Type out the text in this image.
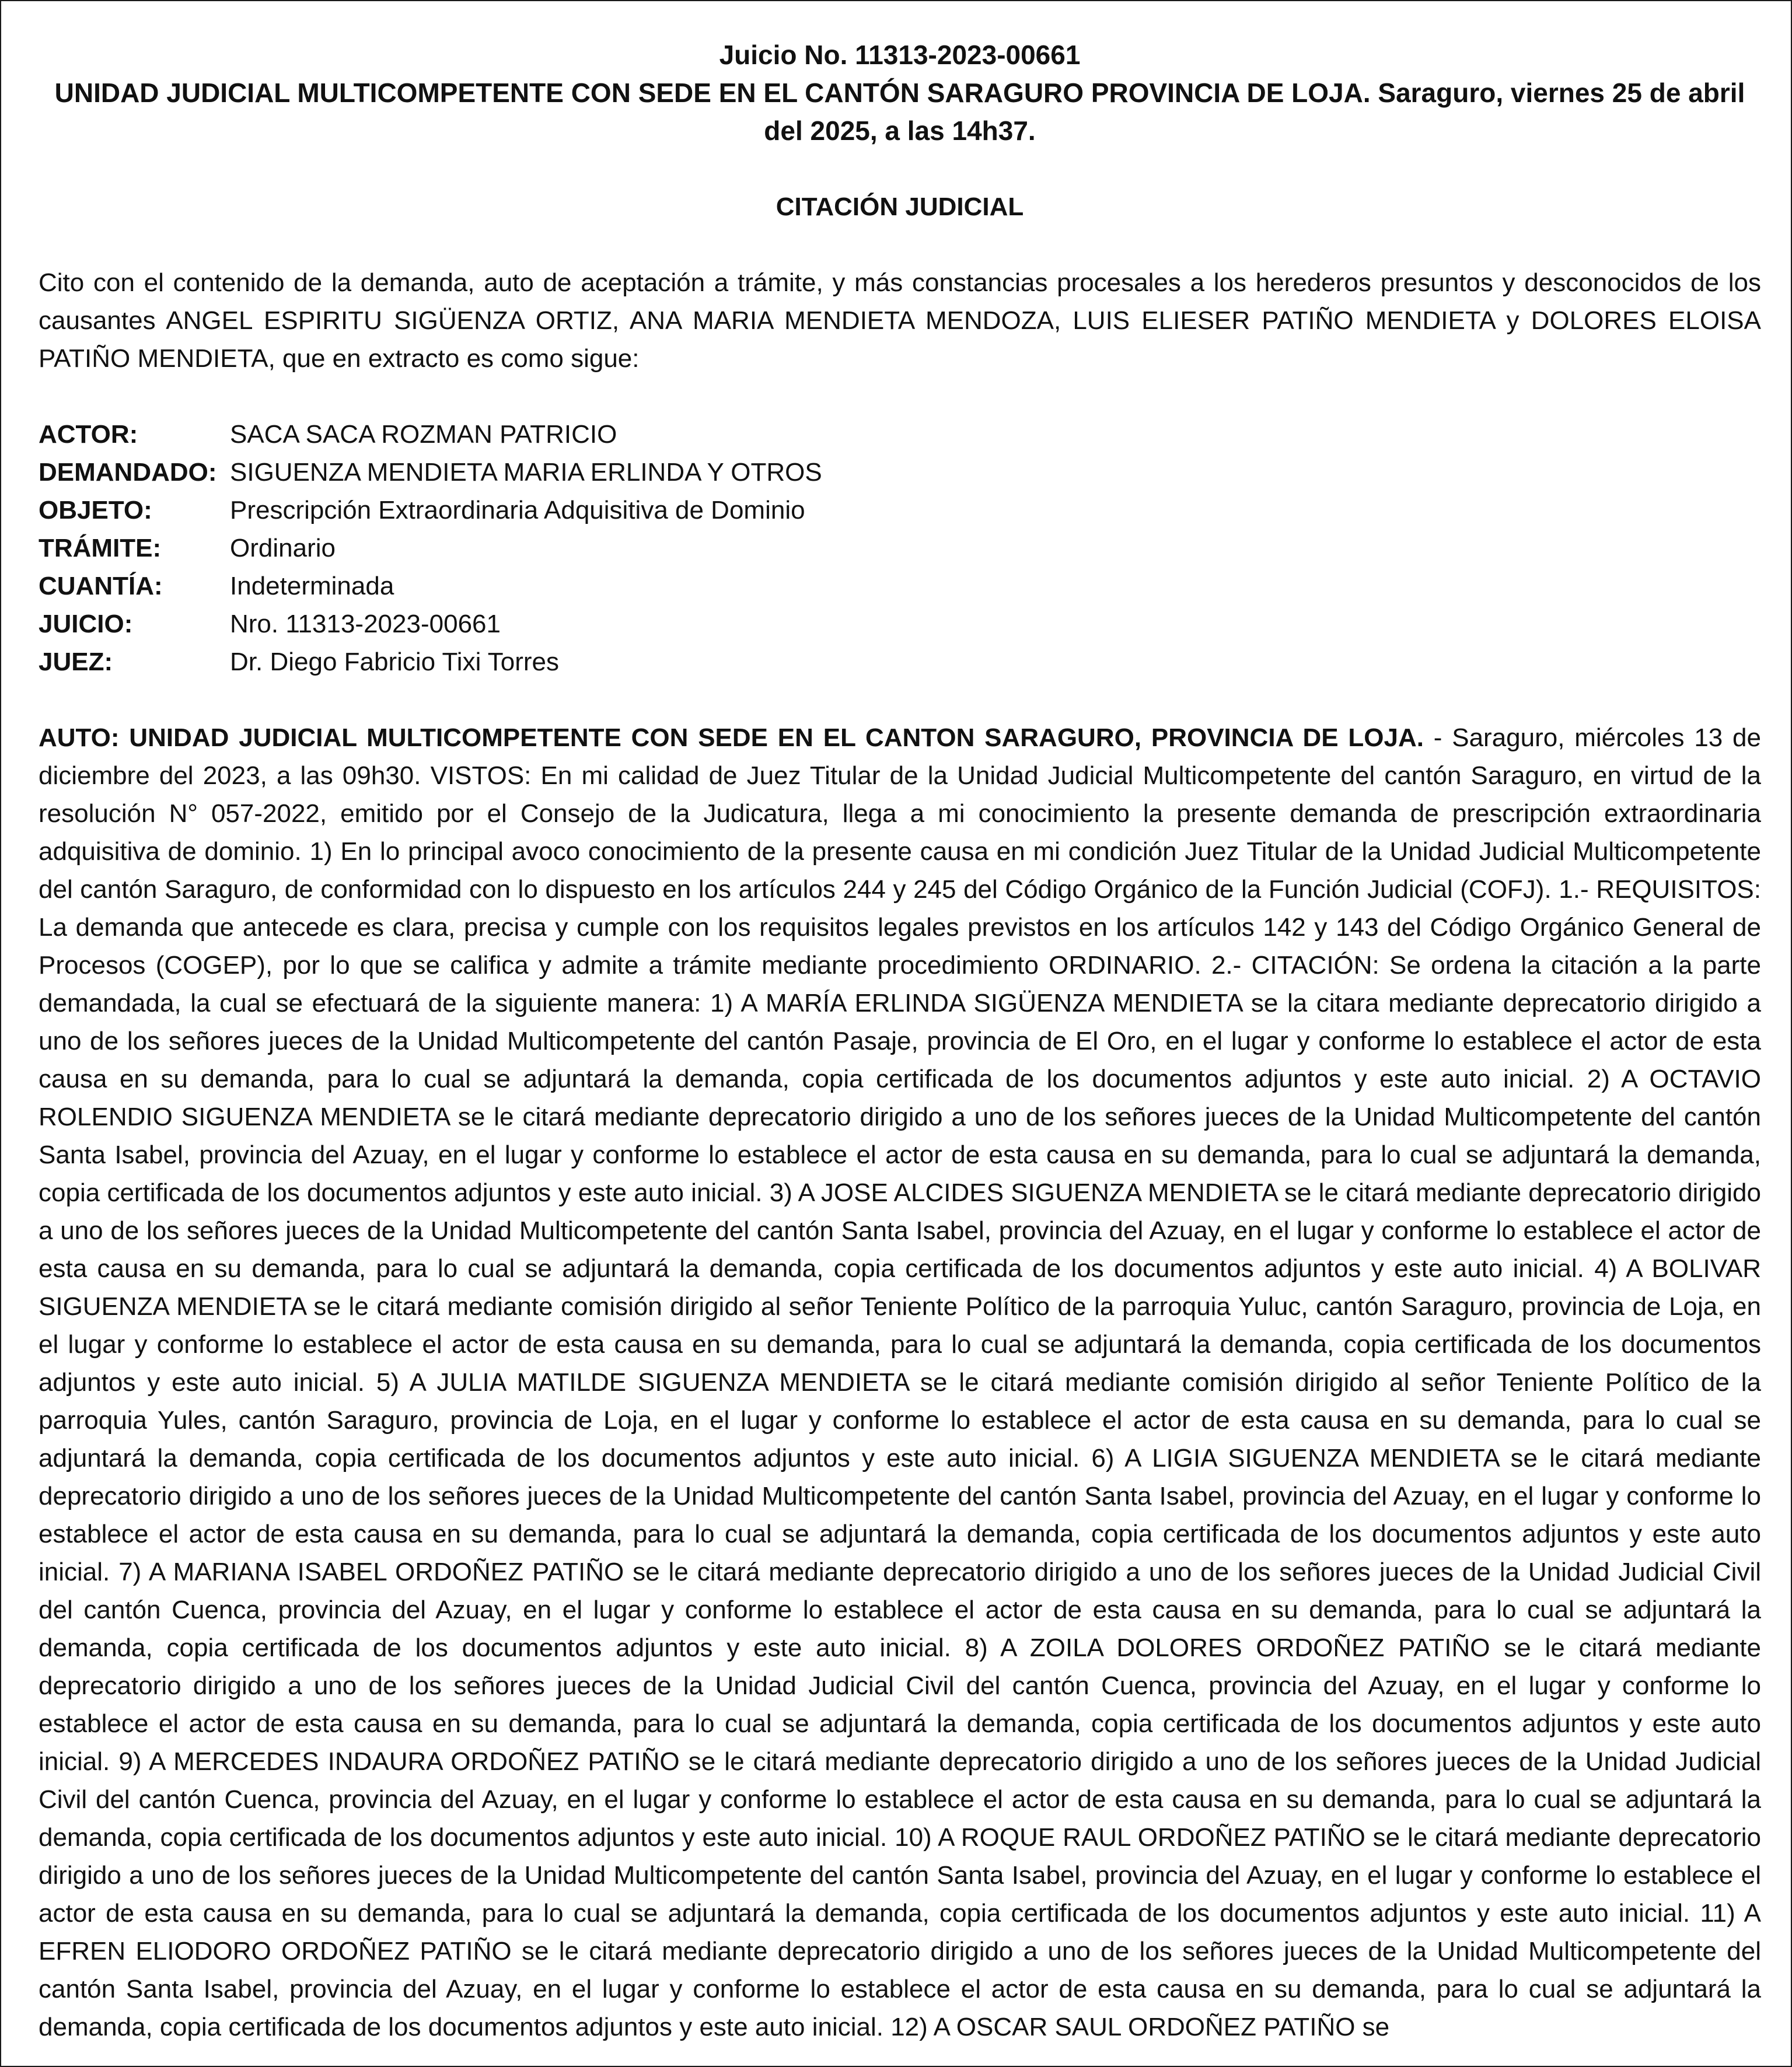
Juicio No. 11313-2023-00661
UNIDAD JUDICIAL MULTICOMPETENTE CON SEDE EN EL CANTÓN SARAGURO PROVINCIA DE LOJA. Saraguro, viernes 25 de abril del 2025, a las 14h37.
CITACIÓN JUDICIAL
Cito con el contenido de la demanda, auto de aceptación a trámite, y más constancias procesales a los herederos presuntos y desconocidos de los causantes ANGEL ESPIRITU SIGÜENZA ORTIZ, ANA MARIA MENDIETA MENDOZA, LUIS ELIESER PATIÑO MENDIETA y DOLORES ELOISA PATIÑO MENDIETA, que en extracto es como sigue:
ACTOR:	SACA SACA ROZMAN PATRICIO
DEMANDADO: SIGUENZA MENDIETA MARIA ERLINDA Y OTROS
OBJETO:	Prescripción Extraordinaria Adquisitiva de Dominio
TRÁMITE:	Ordinario
CUANTÍA:	Indeterminada
JUICIO:	Nro. 11313-2023-00661
JUEZ:	Dr. Diego Fabricio Tixi Torres
AUTO: UNIDAD JUDICIAL MULTICOMPETENTE CON SEDE EN EL CANTON SARAGURO, PROVINCIA DE LOJA. - Saraguro, miércoles 13 de diciembre del 2023, a las 09h30. VISTOS: En mi calidad de Juez Titular de la Unidad Judicial Multicompetente del cantón Saraguro, en virtud de la resolución N° 057-2022, emitido por el Consejo de la Judicatura, llega a mi conocimiento la presente demanda de prescripción extraordinaria adquisitiva de dominio. 1) En lo principal avoco conocimiento de la presente causa en mi condición Juez Titular de la Unidad Judicial Multicompetente del cantón Saraguro, de conformidad con lo dispuesto en los artículos 244 y 245 del Código Orgánico de la Función Judicial (COFJ). 1.- REQUISITOS: La demanda que antecede es clara, precisa y cumple con los requisitos legales previstos en los artículos 142 y 143 del Código Orgánico General de Procesos (COGEP), por lo que se califica y admite a trámite mediante procedimiento ORDINARIO. 2.- CITACIÓN: Se ordena la citación a la parte demandada, la cual se efectuará de la siguiente manera: 1) A MARÍA ERLINDA SIGÜENZA MENDIETA se la citara mediante deprecatorio dirigido a uno de los señores jueces de la Unidad Multicompetente del cantón Pasaje, provincia de El Oro, en el lugar y conforme lo establece el actor de esta causa en su demanda, para lo cual se adjuntará la demanda, copia certificada de los documentos adjuntos y este auto inicial. 2) A OCTAVIO ROLENDIO SIGUENZA MENDIETA se le citará mediante deprecatorio dirigido a uno de los señores jueces de la Unidad Multicompetente del cantón Santa Isabel, provincia del Azuay, en el lugar y conforme lo establece el actor de esta causa en su demanda, para lo cual se adjuntará la demanda, copia certificada de los documentos adjuntos y este auto inicial. 3) A JOSE ALCIDES SIGUENZA MENDIETA se le citará mediante deprecatorio dirigido a uno de los señores jueces de la Unidad Multicompetente del cantón Santa Isabel, provincia del Azuay, en el lugar y conforme lo establece el actor de esta causa en su demanda, para lo cual se adjuntará la demanda, copia certificada de los documentos adjuntos y este auto inicial. 4) A BOLIVAR SIGUENZA MENDIETA se le citará mediante comisión dirigido al señor Teniente Político de la parroquia Yuluc, cantón Saraguro, provincia de Loja, en el lugar y conforme lo establece el actor de esta causa en su demanda, para lo cual se adjuntará la demanda, copia certificada de los documentos adjuntos y este auto inicial. 5) A JULIA MATILDE SIGUENZA MENDIETA se le citará mediante comisión dirigido al señor Teniente Político de la parroquia Yules, cantón Saraguro, provincia de Loja, en el lugar y conforme lo establece el actor de esta causa en su demanda, para lo cual se adjuntará la demanda, copia certificada de los documentos adjuntos y este auto inicial. 6) A LIGIA SIGUENZA MENDIETA se le citará mediante deprecatorio dirigido a uno de los señores jueces de la Unidad Multicompetente del cantón Santa Isabel, provincia del Azuay, en el lugar y conforme lo establece el actor de esta causa en su demanda, para lo cual se adjuntará la demanda, copia certificada de los documentos adjuntos y este auto inicial. 7) A MARIANA ISABEL ORDOÑEZ PATIÑO se le citará mediante deprecatorio dirigido a uno de los señores jueces de la Unidad Judicial Civil del cantón Cuenca, provincia del Azuay, en el lugar y conforme lo establece el actor de esta causa en su demanda, para lo cual se adjuntará la demanda, copia certificada de los documentos adjuntos y este auto inicial. 8) A ZOILA DOLORES ORDOÑEZ PATIÑO se le citará mediante deprecatorio dirigido a uno de los señores jueces de la Unidad Judicial Civil del cantón Cuenca, provincia del Azuay, en el lugar y conforme lo establece el actor de esta causa en su demanda, para lo cual se adjuntará la demanda, copia certificada de los documentos adjuntos y este auto inicial. 9) A MERCEDES INDAURA ORDOÑEZ PATIÑO se le citará mediante deprecatorio dirigido a uno de los señores jueces de la Unidad Judicial Civil del cantón Cuenca, provincia del Azuay, en el lugar y conforme lo establece el actor de esta causa en su demanda, para lo cual se adjuntará la demanda, copia certificada de los documentos adjuntos y este auto inicial. 10) A ROQUE RAUL ORDOÑEZ PATIÑO se le citará mediante deprecatorio dirigido a uno de los señores jueces de la Unidad Multicompetente del cantón Santa Isabel, provincia del Azuay, en el lugar y conforme lo establece el actor de esta causa en su demanda, para lo cual se adjuntará la demanda, copia certificada de los documentos adjuntos y este auto inicial. 11) A EFREN ELIODORO ORDOÑEZ PATIÑO se le citará mediante deprecatorio dirigido a uno de los señores jueces de la Unidad Multicompetente del cantón Santa Isabel, provincia del Azuay, en el lugar y conforme lo establece el actor de esta causa en su demanda, para lo cual se adjuntará la demanda, copia certificada de los documentos adjuntos y este auto inicial. 12) A OSCAR SAUL ORDOÑEZ PATIÑO se
